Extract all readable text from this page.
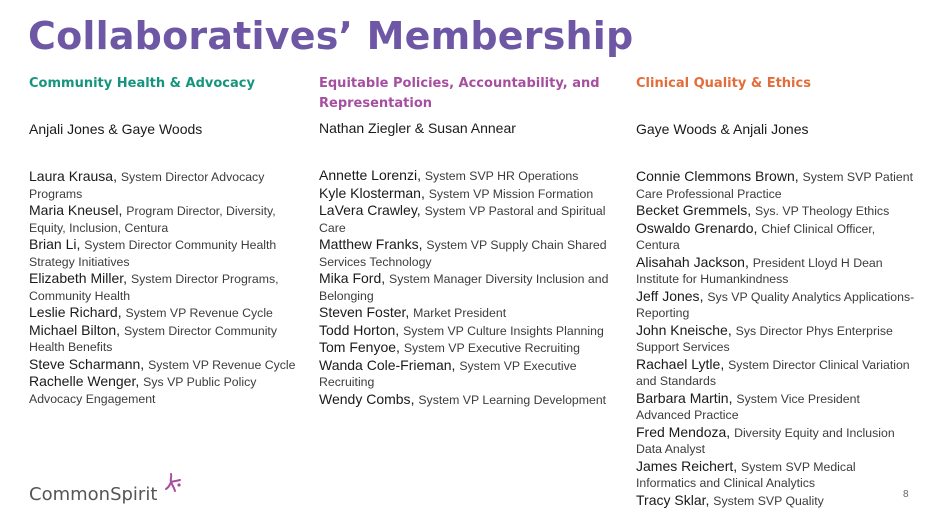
Collaboratives’ Membership
Community Health & Advocacy
Anjali Jones & Gaye Woods
Laura Krausa, System Director Advocacy Programs
Maria Kneusel, Program Director, Diversity, Equity, Inclusion, Centura
Brian Li, System Director Community Health Strategy Initiatives
Elizabeth Miller, System Director Programs, Community Health
Leslie Richard, System VP Revenue Cycle
Michael Bilton, System Director Community Health Benefits
Steve Scharmann, System VP Revenue Cycle
Rachelle Wenger, Sys VP Public Policy Advocacy Engagement
Equitable Policies, Accountability, and Representation
Nathan Ziegler & Susan Annear
Annette Lorenzi, System SVP HR Operations
Kyle Klosterman, System VP Mission Formation
LaVera Crawley, System VP Pastoral and Spiritual Care
Matthew Franks, System VP Supply Chain Shared Services Technology
Mika Ford, System Manager Diversity Inclusion and Belonging
Steven Foster, Market President
Todd Horton, System VP Culture Insights Planning
Tom Fenyoe, System VP Executive Recruiting
Wanda Cole-Frieman, System VP Executive Recruiting
Wendy Combs, System VP Learning Development
Clinical Quality & Ethics
Gaye Woods & Anjali Jones
Connie Clemmons Brown, System SVP Patient Care Professional Practice
Becket Gremmels, Sys. VP Theology Ethics
Oswaldo Grenardo, Chief Clinical Officer, Centura
Alisahah Jackson, President Lloyd H Dean Institute for Humankindness
Jeff Jones, Sys VP Quality Analytics Applications-Reporting
John Kneische, Sys Director Phys Enterprise Support Services
Rachael Lytle, System Director Clinical Variation and Standards
Barbara Martin, System Vice President Advanced Practice
Fred Mendoza, Diversity Equity and Inclusion Data Analyst
James Reichert, System SVP Medical Informatics and Clinical Analytics
Tracy Sklar, System SVP Quality
CommonSpirit	8
